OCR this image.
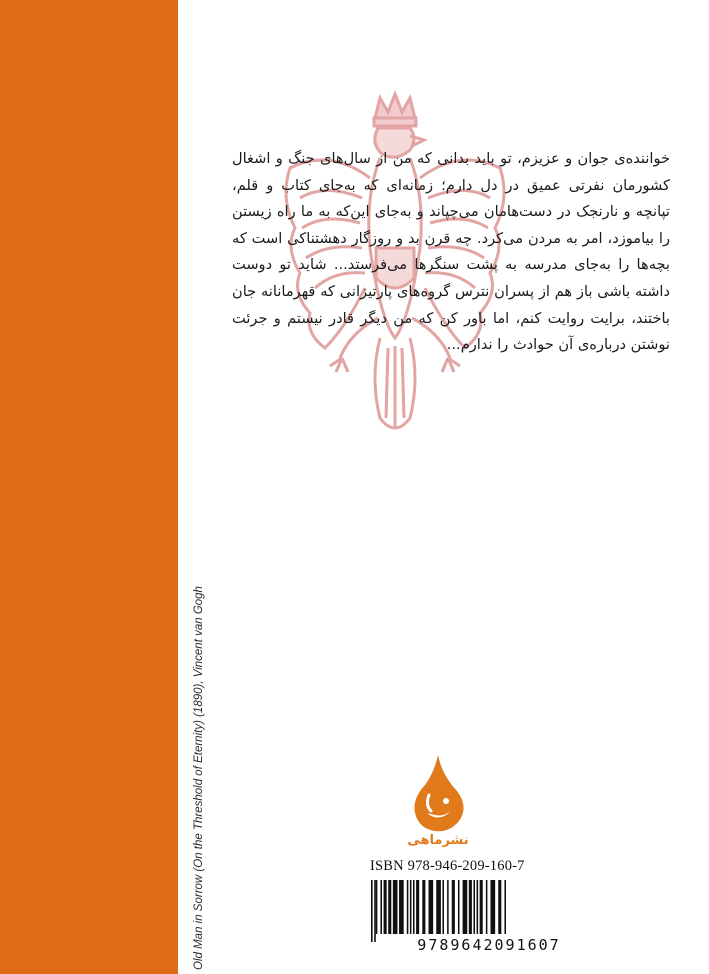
Old Man in Sorrow (On the Threshold of Eternity) (1890), Vincent van Gogh

خواننده‌ی جوان و عزیزم، تو باید بدانی که من از سال‌های جنگ و اشغال کشورمان نفرتی عمیق در دل دارم؛ زمانه‌ای که به‌جای کتاب و قلم، تپانچه و نارنجک در دست‌هامان می‌چپاند و به‌جای این‌که به ما راه زیستن را بیاموزد، امر به مردن می‌کرد. چه قرن بد و روزگار دهشتناکی است که بچه‌ها را به‌جای مدرسه به پشت سنگرها می‌فرستد... شاید تو دوست داشته باشی باز هم از پسران نترس گروه‌های پارتیزانی که قهرمانانه جان باختند، برایت روایت کنم، اما باور کن که من دیگر قادر نیستم و جرئت نوشتن درباره‌ی آن حوادث را ندارم...

نشرماهی
ISBN 978-946-209-160-7
9789642091607
